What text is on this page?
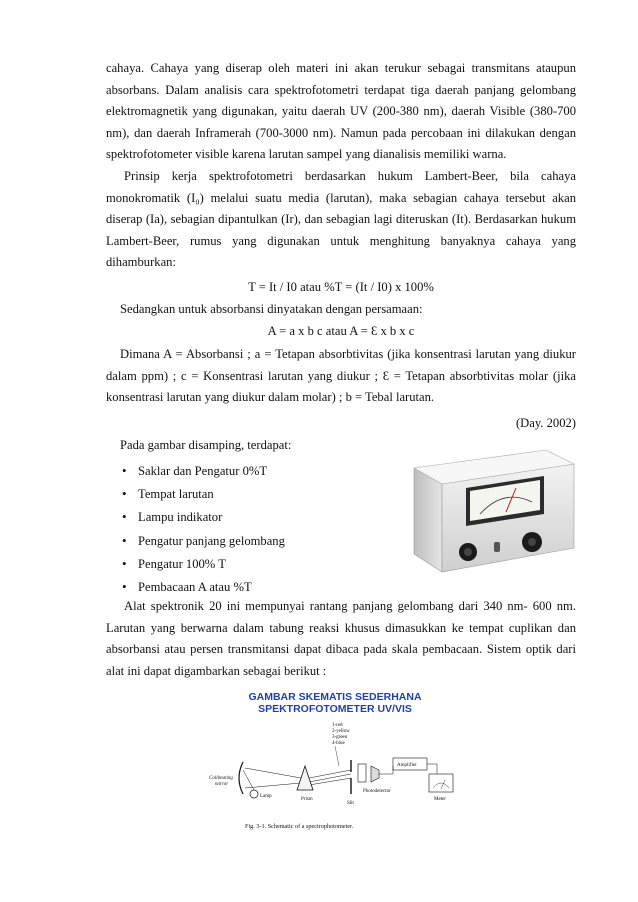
cahaya. Cahaya yang diserap oleh materi ini akan terukur sebagai transmitans ataupun absorbans. Dalam analisis cara spektrofotometri terdapat tiga daerah panjang gelombang elektromagnetik yang digunakan, yaitu daerah UV (200-380 nm), daerah Visible (380-700 nm), dan daerah Inframerah (700-3000 nm). Namun pada percobaan ini dilakukan dengan spektrofotometer visible karena larutan sampel yang dianalisis memiliki warna.
Prinsip kerja spektrofotometri berdasarkan hukum Lambert-Beer, bila cahaya monokromatik (I₀) melalui suatu media (larutan), maka sebagian cahaya tersebut akan diserap (Ia), sebagian dipantulkan (Ir), dan sebagian lagi diteruskan (It). Berdasarkan hukum Lambert-Beer, rumus yang digunakan untuk menghitung banyaknya cahaya yang dihamburkan:
T = It / I0 atau %T = (It / I0) x 100%
Sedangkan untuk absorbansi dinyatakan dengan persamaan:
A = a x b c atau A = Ɛ x b x c
Dimana A = Absorbansi ; a = Tetapan absorbtivitas (jika konsentrasi larutan yang diukur dalam ppm) ; c = Konsentrasi larutan yang diukur ; Ɛ = Tetapan absorbtivitas molar (jika konsentrasi larutan yang diukur dalam molar) ; b = Tebal larutan.
(Day. 2002)
Pada gambar disamping, terdapat:
• Saklar dan Pengatur 0%T
• Tempat larutan
• Lampu indikator
• Pengatur panjang gelombang
• Pengatur 100% T
• Pembacaan A atau %T
Alat spektronik 20 ini mempunyai rantang panjang gelombang dari 340 nm- 600 nm. Larutan yang berwarna dalam tabung reaksi khusus dimasukkan ke tempat cuplikan dan absorbansi atau persen transmitansi dapat dibaca pada skala pembacaan. Sistem optik dari alat ini dapat digambarkan sebagai berikut :
GAMBAR SKEMATIS SEDERHANA
SPEKTROFOTOMETER UV/VIS
1-red
2-yellow
3-green
4-blue
Collimating
mirror
Lamp
Prism
Slit
Photodetector
Amplifier
Meter
Fig. 3-1. Schematic of a spectrophotometer.
